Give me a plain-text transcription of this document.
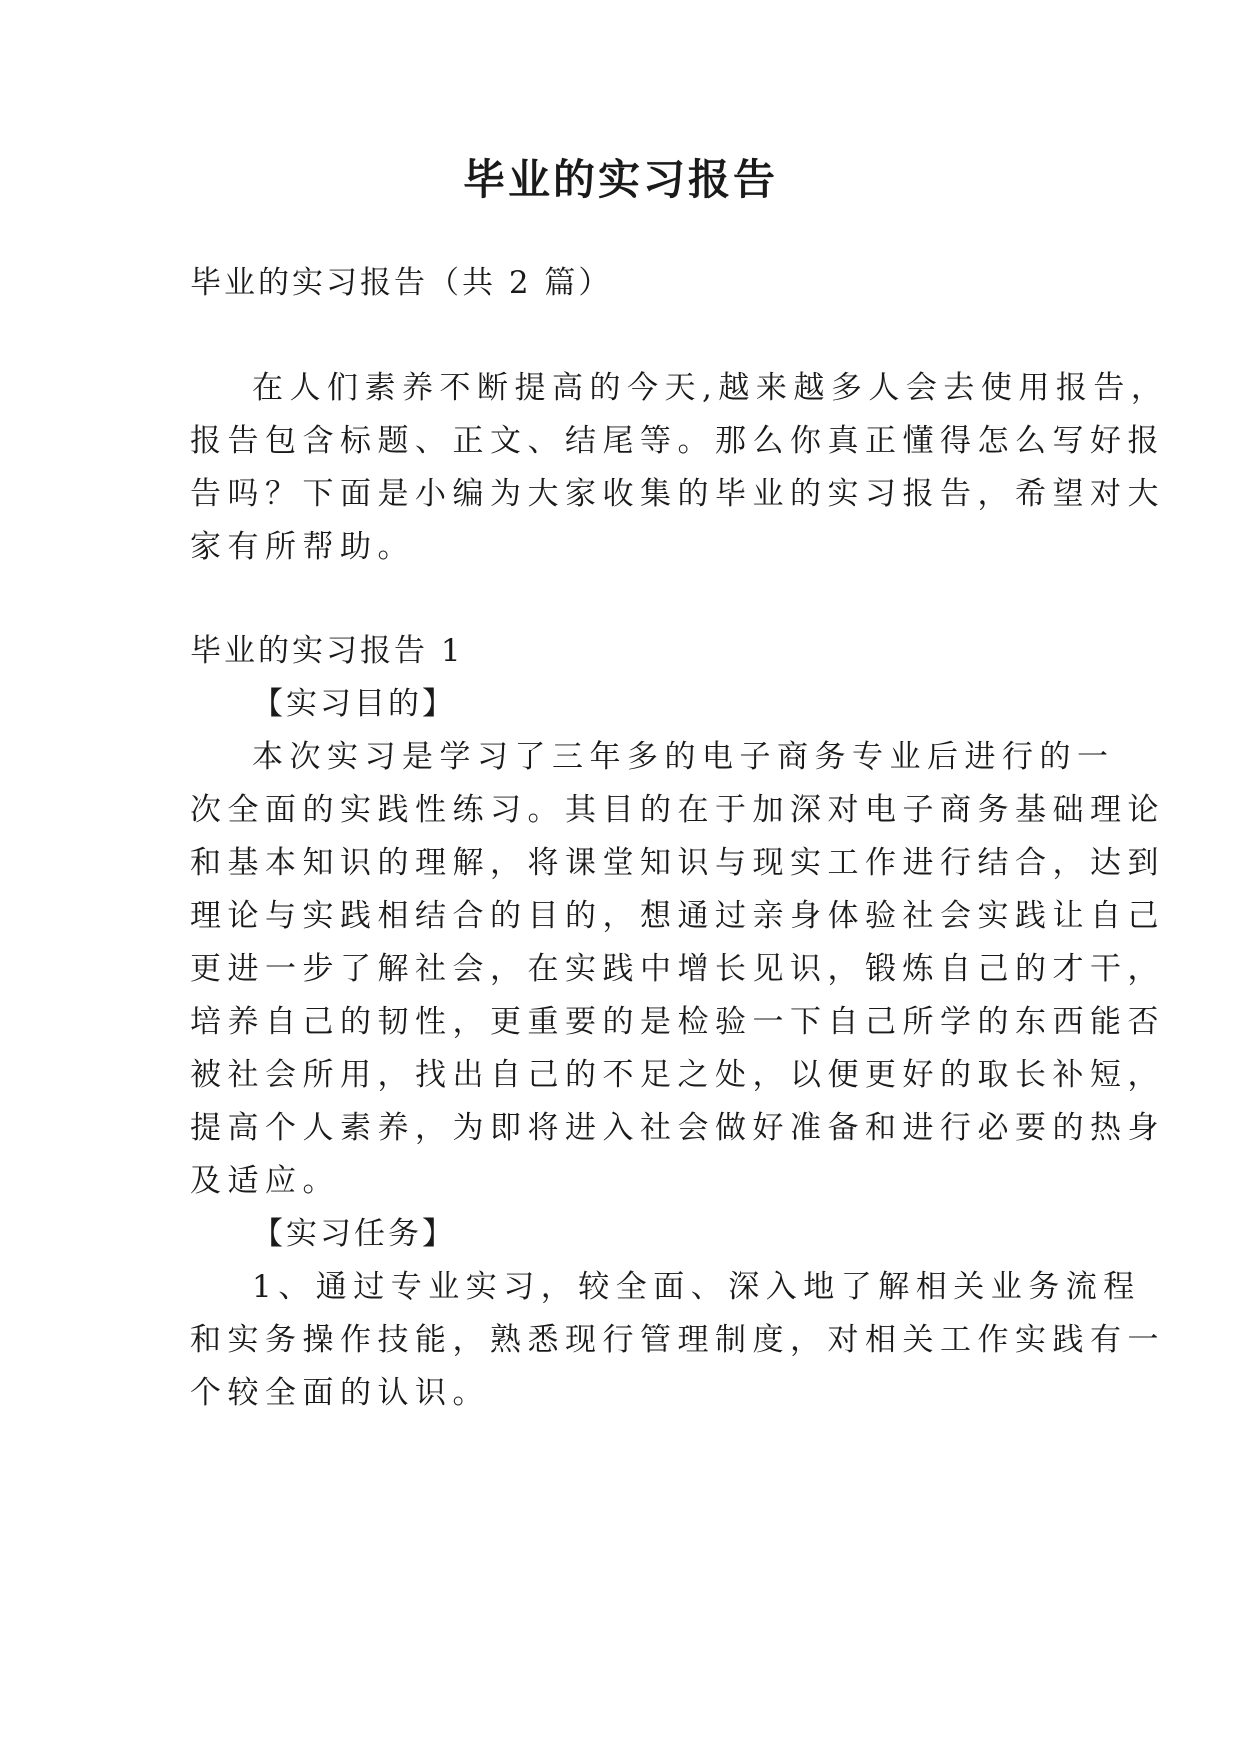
毕业的实习报告

毕业的实习报告（共 2 篇）

在人们素养不断提高的今天,越来越多人会去使用报告，

报告包含标题、正文、结尾等。那么你真正懂得怎么写好报

告吗？下面是小编为大家收集的毕业的实习报告，希望对大

家有所帮助。

毕业的实习报告 1

【实习目的】

本次实习是学习了三年多的电子商务专业后进行的一

次全面的实践性练习。其目的在于加深对电子商务基础理论

和基本知识的理解，将课堂知识与现实工作进行结合，达到

理论与实践相结合的目的，想通过亲身体验社会实践让自己

更进一步了解社会，在实践中增长见识，锻炼自己的才干，

培养自己的韧性，更重要的是检验一下自己所学的东西能否

被社会所用，找出自己的不足之处，以便更好的取长补短，

提高个人素养，为即将进入社会做好准备和进行必要的热身

及适应。

【实习任务】

1、通过专业实习，较全面、深入地了解相关业务流程

和实务操作技能，熟悉现行管理制度，对相关工作实践有一

个较全面的认识。
